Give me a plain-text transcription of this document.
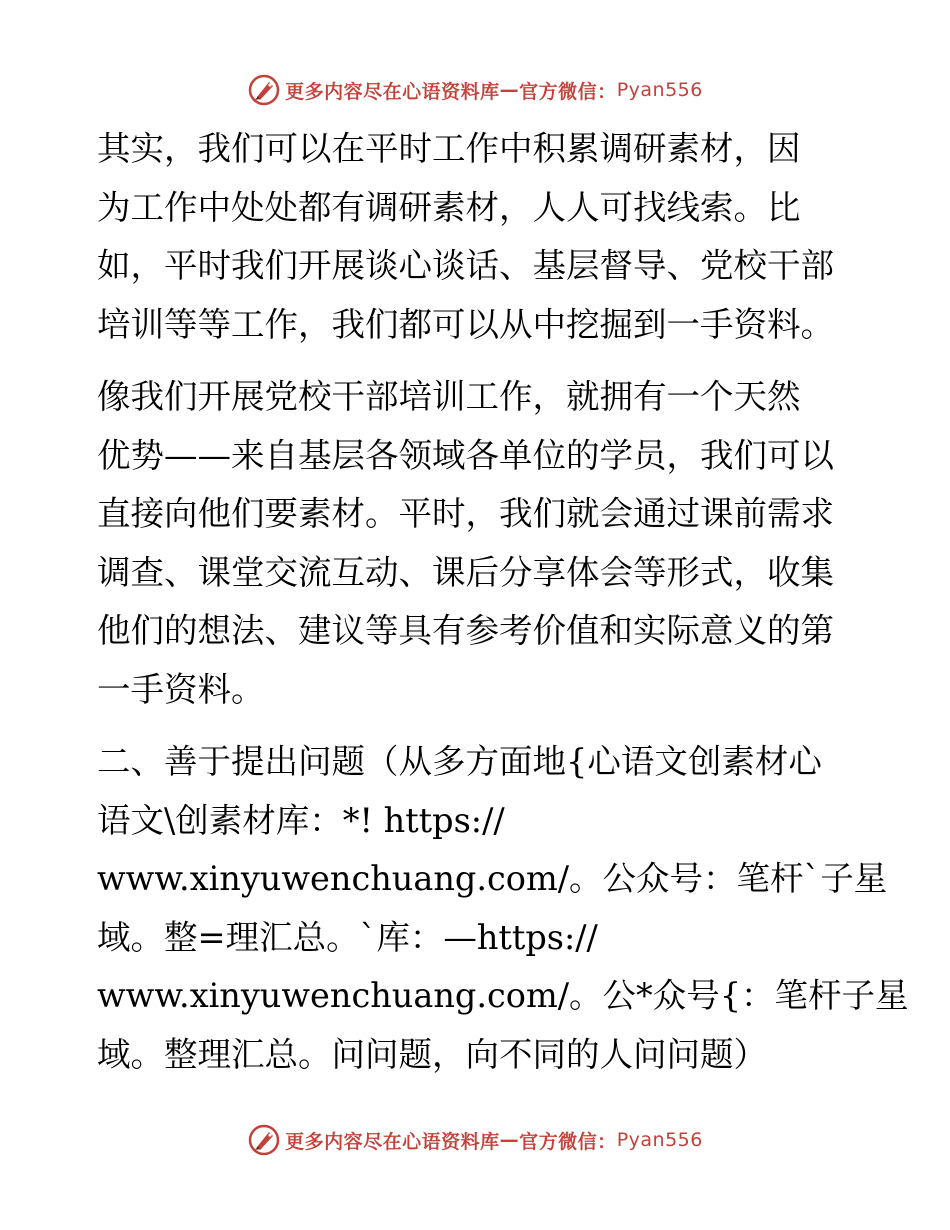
更多内容尽在心语资料库 — 官方微信： Pyan556

其实，我们可以在平时工作中积累调研素材，因
为工作中处处都有调研素材，人人可找线索。比
如，平时我们开展谈心谈话、基层督导、党校干部
培训等等工作，我们都可以从中挖掘到一手资料。

像我们开展党校干部培训工作，就拥有一个天然
优势——来自基层各领域各单位的学员，我们可以
直接向他们要素材。平时，我们就会通过课前需求
调查、课堂交流互动、课后分享体会等形式，收集
他们的想法、建议等具有参考价值和实际意义的第
一手资料。

二、善于提出问题（从多方面地{心语文创素材心
语文\创素材库：*! https://
www.xinyuwenchuang.com/。公众号：笔杆`子星
域。整=理汇总。`库：—https://
www.xinyuwenchuang.com/。公*众号{：笔杆子星
域。整理汇总。问问题，向不同的人问问题）

更多内容尽在心语资料库 — 官方微信： Pyan556
